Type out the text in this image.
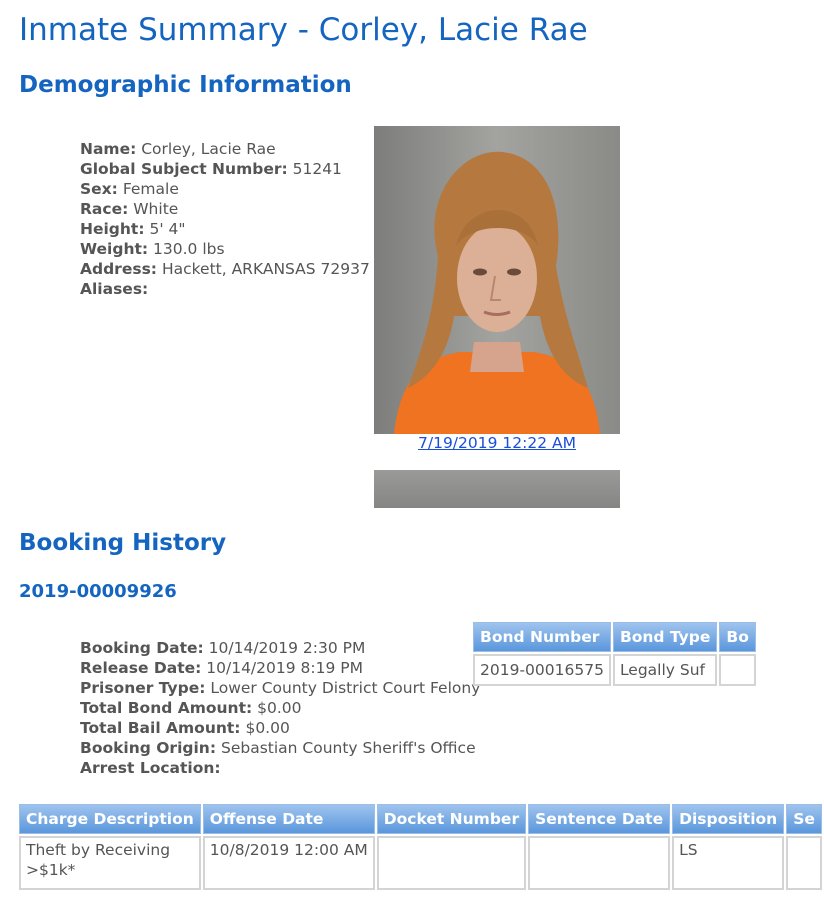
Inmate Summary - Corley, Lacie Rae
Demographic Information
Name: Corley, Lacie Rae
Global Subject Number: 51241
Sex: Female
Race: White
Height: 5' 4"
Weight: 130.0 lbs
Address: Hackett, ARKANSAS 72937
Aliases:
7/19/2019 12:22 AM
Booking History
2019-00009926
Booking Date: 10/14/2019 2:30 PM
Release Date: 10/14/2019 8:19 PM
Prisoner Type: Lower County District Court Felony
Total Bond Amount: $0.00
Total Bail Amount: $0.00
Booking Origin: Sebastian County Sheriff's Office
Arrest Location:
Bond Number	Bond Type	Bo
2019-00016575	Legally Suf	
Charge Description	Offense Date	Docket Number	Sentence Date	Disposition	Se
Theft by Receiving >$1k*	10/8/2019 12:00 AM			LS	
